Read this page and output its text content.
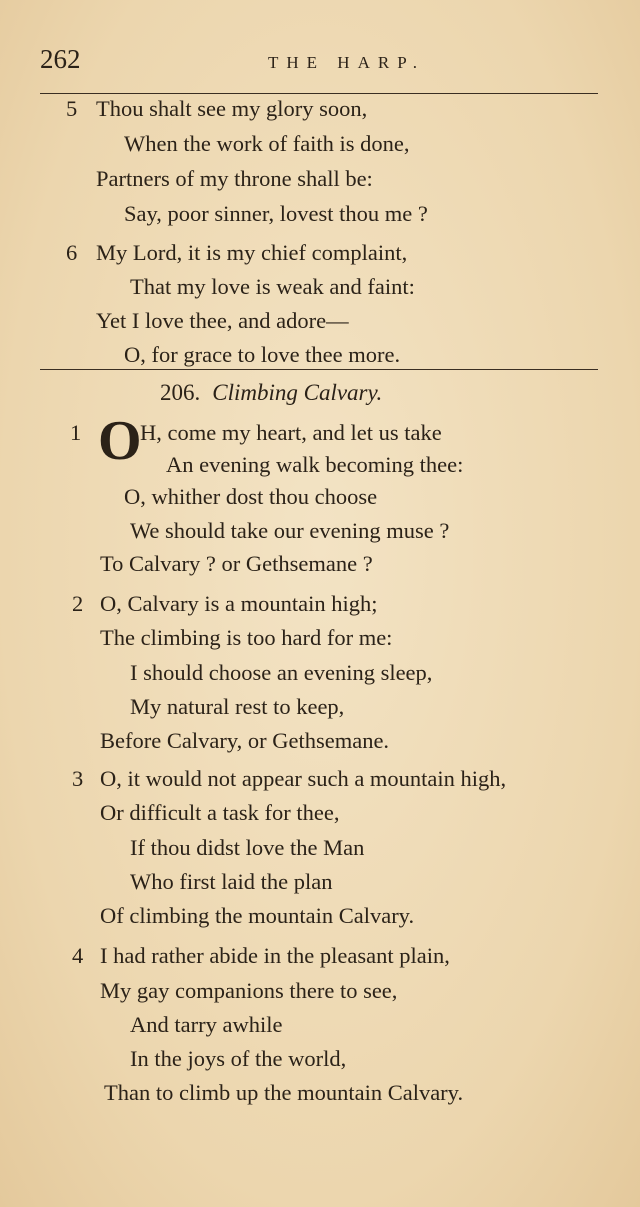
262	THE HARP.
5 Thou shalt see my glory soon,
When the work of faith is done,
Partners of my throne shall be:
Say, poor sinner, lovest thou me ?
6 My Lord, it is my chief complaint,
That my love is weak and faint:
Yet I love thee, and adore—
O, for grace to love thee more.
206. Climbing Calvary.
1 O
H, come my heart, and let us take
An evening walk becoming thee:
O, whither dost thou choose
We should take our evening muse ?
To Calvary ? or Gethsemane ?
2 O, Calvary is a mountain high;
The climbing is too hard for me:
I should choose an evening sleep,
My natural rest to keep,
Before Calvary, or Gethsemane.
3 O, it would not appear such a mountain high,
Or difficult a task for thee,
If thou didst love the Man
Who first laid the plan
Of climbing the mountain Calvary.
4 I had rather abide in the pleasant plain,
My gay companions there to see,
And tarry awhile
In the joys of the world,
Than to climb up the mountain Calvary.
